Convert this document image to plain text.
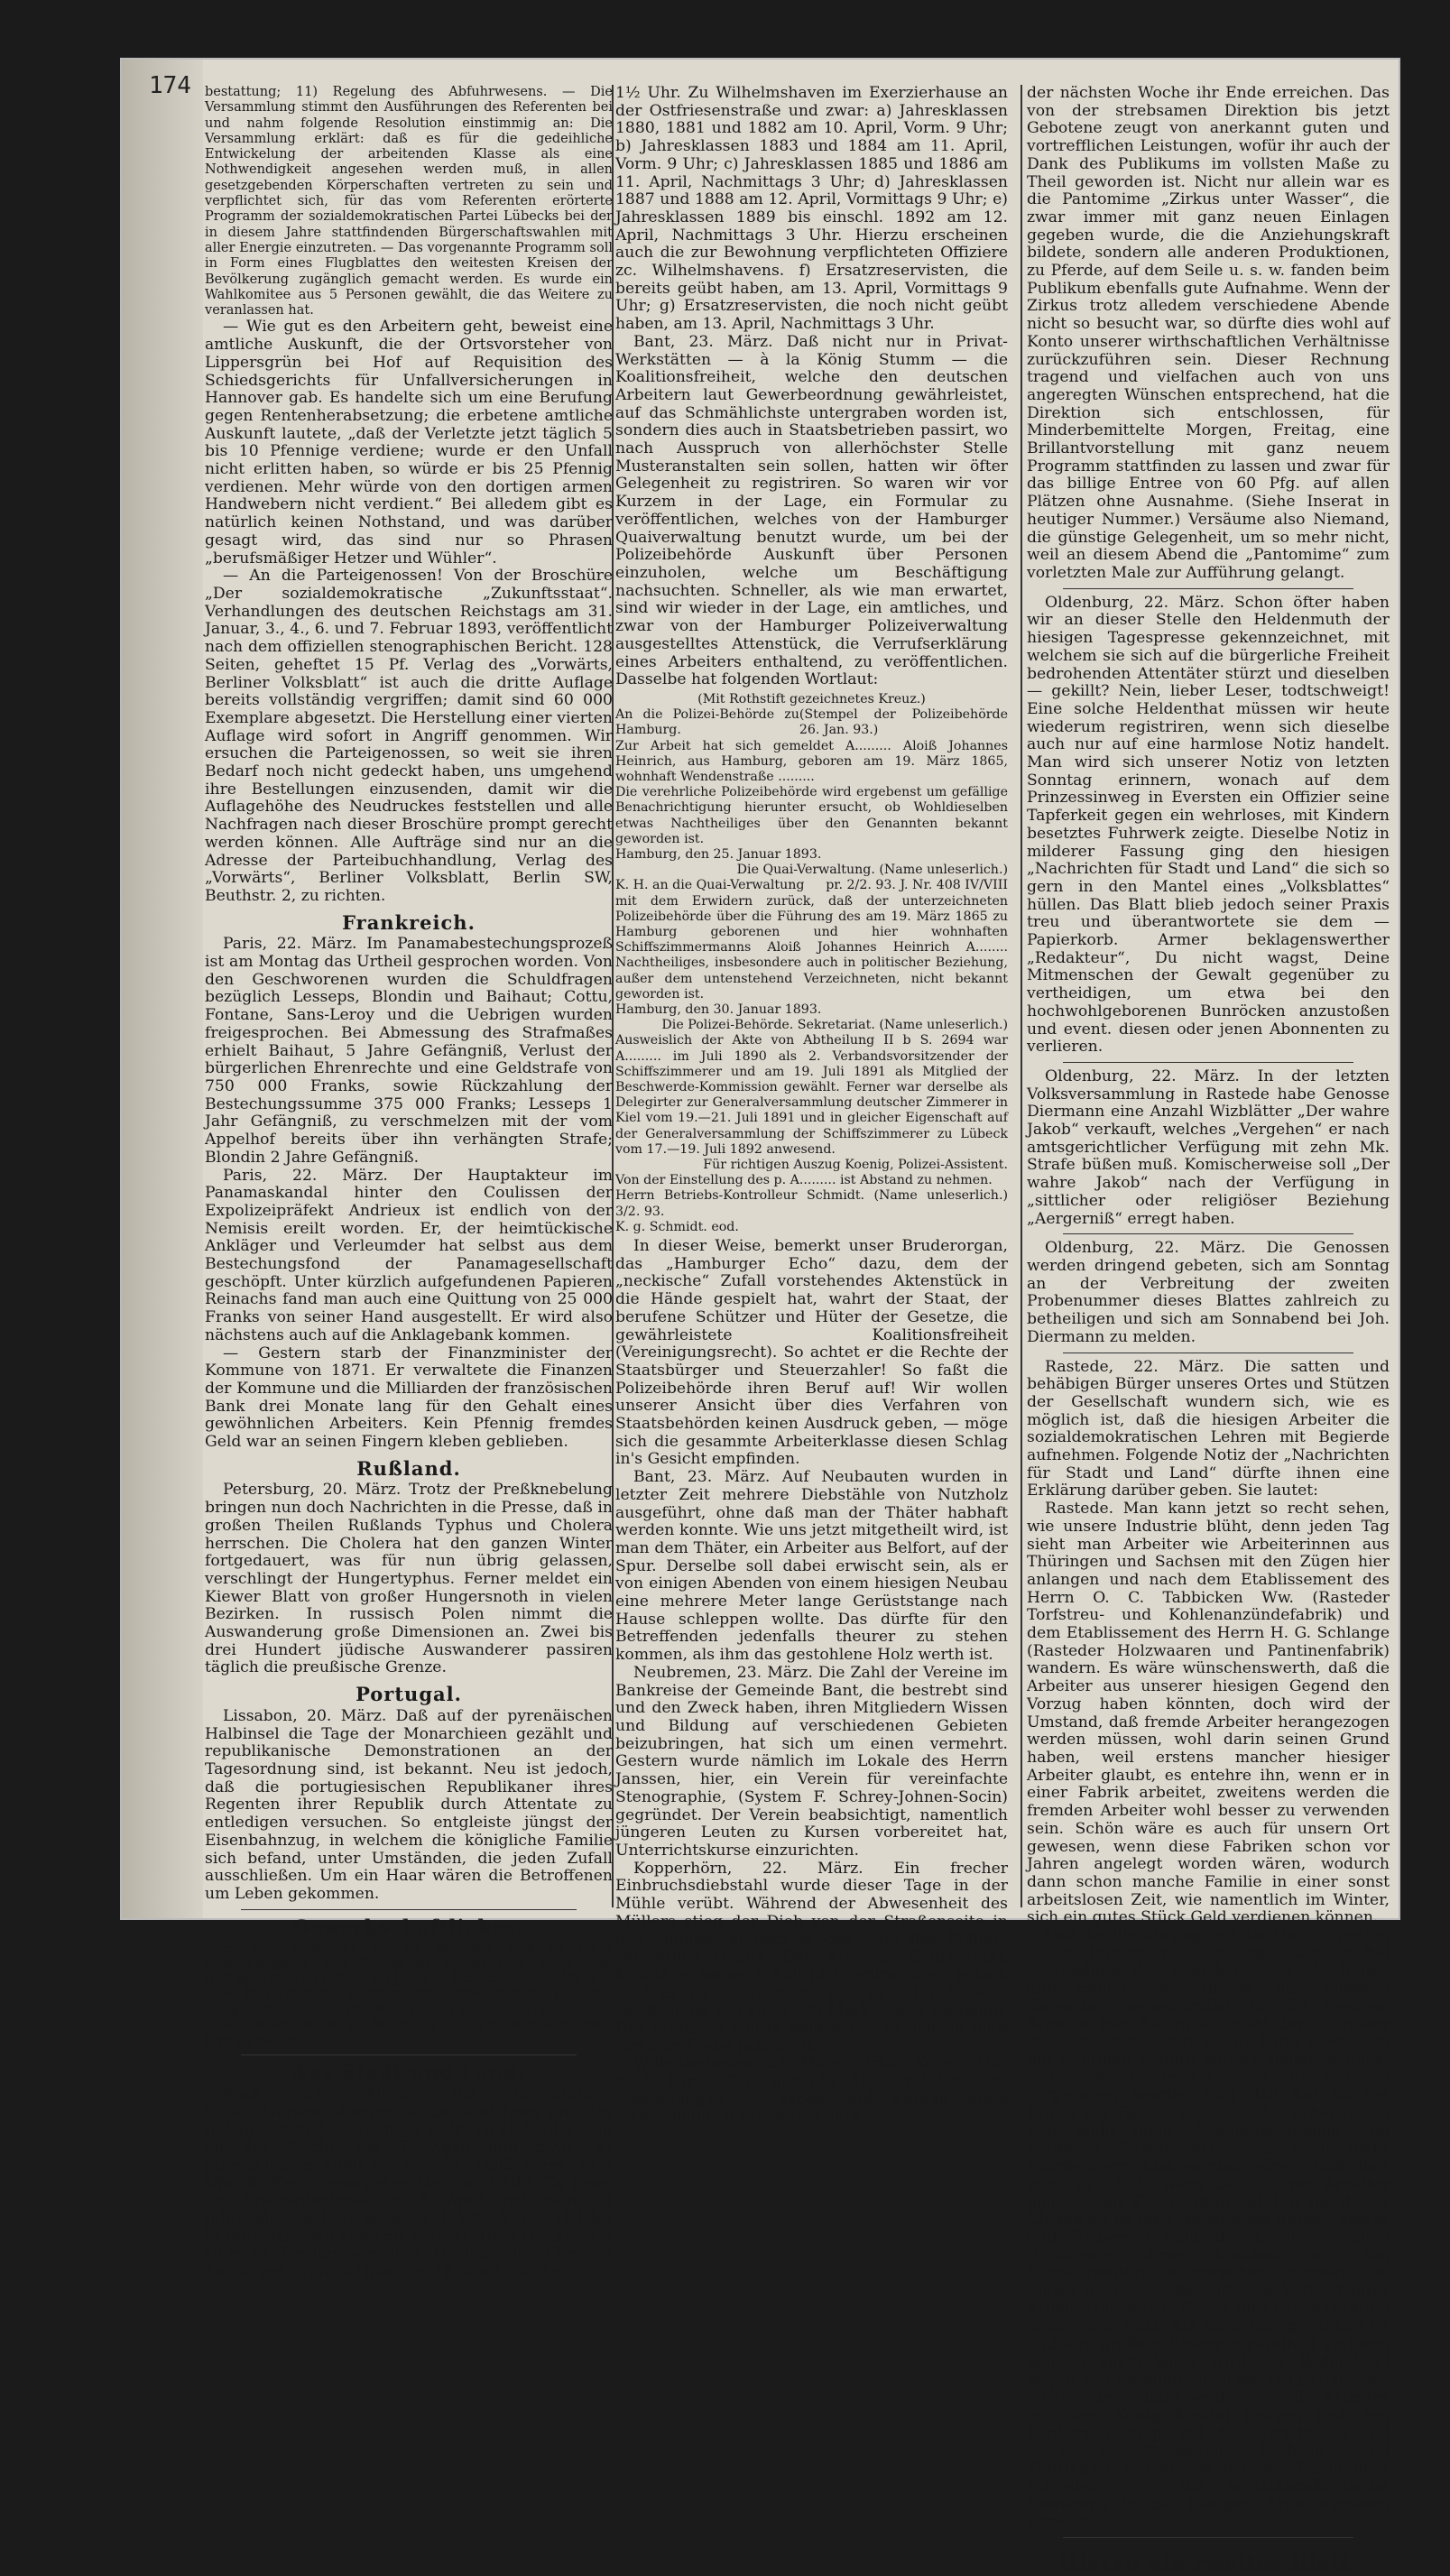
174 bestattung; 11) Regelung des Abfuhrwesens. — Die Versammlung stimmt den Ausführungen des Referenten bei und nahm folgende Resolution einstimmig an: Die Versammlung erklärt: daß es für die gedeihliche Entwickelung der arbeitenden Klasse als eine Nothwendigkeit angesehen werden muß, in allen gesetzgebenden Körperschaften vertreten zu sein und verpflichtet sich, für das vom Referenten erörterte Programm der sozialdemokratischen Partei Lübecks bei der in diesem Jahre stattfindenden Bürgerschaftswahlen mit aller Energie einzutreten. — Das vorgenannte Programm soll in Form eines Flugblattes den weitesten Kreisen der Bevölkerung zugänglich gemacht werden. Es wurde ein Wahlkomitee aus 5 Personen gewählt, die das Weitere zu veranlassen hat.

— Wie gut es den Arbeitern geht, beweist eine amtliche Auskunft, die der Ortsvorsteher von Lippersgrün bei Hof auf Requisition des Schiedsgerichts für Unfallversicherungen in Hannover gab. Es handelte sich um eine Berufung gegen Rentenherabsetzung; die erbetene amtliche Auskunft lautete, „daß der Verletzte jetzt täglich 5 bis 10 Pfennige verdiene; wurde er den Unfall nicht erlitten haben, so würde er bis 25 Pfennig verdienen. Mehr würde von den dortigen armen Handwebern nicht verdient.“ Bei alledem gibt es natürlich keinen Nothstand, und was darüber gesagt wird, das sind nur so Phrasen „berufsmäßiger Hetzer und Wühler“.

— An die Parteigenossen! Von der Broschüre „Der sozialdemokratische „Zukunftsstaat“. Verhandlungen des deutschen Reichstags am 31. Januar, 3., 4., 6. und 7. Februar 1893, veröffentlicht nach dem offiziellen stenographischen Bericht. 128 Seiten, geheftet 15 Pf. Verlag des „Vorwärts, Berliner Volksblatt“ ist auch die dritte Auflage bereits vollständig vergriffen; damit sind 60 000 Exemplare abgesetzt. Die Herstellung einer vierten Auflage wird sofort in Angriff genommen. Wir ersuchen die Parteigenossen, so weit sie ihren Bedarf noch nicht gedeckt haben, uns umgehend ihre Bestellungen einzusenden, damit wir die Auflagehöhe des Neudruckes feststellen und alle Nachfragen nach dieser Broschüre prompt gerecht werden können. Alle Aufträge sind nur an die Adresse der Parteibuchhandlung, Verlag des „Vorwärts“, Berliner Volksblatt, Berlin SW, Beuthstr. 2, zu richten.

Frankreich.

Paris, 22. März. Im Panamabestechungsprozeß ist am Montag das Urtheil gesprochen worden. Von den Geschworenen wurden die Schuldfragen bezüglich Lesseps, Blondin und Baihaut; Cottu, Fontane, Sans-Leroy und die Uebrigen wurden freigesprochen. Bei Abmessung des Strafmaßes erhielt Baihaut, 5 Jahre Gefängniß, Verlust der bürgerlichen Ehrenrechte und eine Geldstrafe von 750 000 Franks, sowie Rückzahlung der Bestechungssumme 375 000 Franks; Lesseps 1 Jahr Gefängniß, zu verschmelzen mit der vom Appelhof bereits über ihn verhängten Strafe; Blondin 2 Jahre Gefängniß.

Paris, 22. März. Der Hauptakteur im Panamaskandal hinter den Coulissen der Expolizeipräfekt Andrieux ist endlich von der Nemisis ereilt worden. Er, der heimtückische Ankläger und Verleumder hat selbst aus dem Bestechungsfond der Panamagesellschaft geschöpft. Unter kürzlich aufgefundenen Papieren Reinachs fand man auch eine Quittung von 25 000 Franks von seiner Hand ausgestellt. Er wird also nächstens auch auf die Anklagebank kommen.

— Gestern starb der Finanzminister der Kommune von 1871. Er verwaltete die Finanzen der Kommune und die Milliarden der französischen Bank drei Monate lang für den Gehalt eines gewöhnlichen Arbeiters. Kein Pfennig fremdes Geld war an seinen Fingern kleben geblieben.

Rußland.

Petersburg, 20. März. Trotz der Preßknebelung bringen nun doch Nachrichten in die Presse, daß in großen Theilen Rußlands Typhus und Cholera herrschen. Die Cholera hat den ganzen Winter fortgedauert, was für nun übrig gelassen, verschlingt der Hungertyphus. Ferner meldet ein Kiewer Blatt von großer Hungersnoth in vielen Bezirken. In russisch Polen nimmt die Auswanderung große Dimensionen an. Zwei bis drei Hundert jüdische Auswanderer passiren täglich die preußische Grenze.

Portugal.

Lissabon, 20. März. Daß auf der pyrenäischen Halbinsel die Tage der Monarchieen gezählt und republikanische Demonstrationen an der Tagesordnung sind, ist bekannt. Neu ist jedoch, daß die portugiesischen Republikaner ihres Regenten ihrer Republik durch Attentate zu entledigen versuchen. So entgleiste jüngst der Eisenbahnzug, in welchem die königliche Familie sich befand, unter Umständen, die jeden Zufall ausschließen. Um ein Haar wären die Betroffenen um Leben gekommen.

Gewerkschaftliches.

— Die Schneider Berlins befinden sich in einer Lohnbewegung. Der Zuzug ist streng fern zu halten. Anfragen sind zu richten an J. Timm, Schützenstraße 18/19.

— In Buxtehude, Delmenhorst, Grevesmühlen, Kiel und Stolp befinden sich die Maurer mit den Unternehmern in Lohndifferenzen und ist daher der Zuzug nach diesen Orten fern zu halten.

Aus Stadt und Land.

Bant, 23. März. Die diesjährigen Kontrollversammlungen für das Amt Jever und das Jadegebiet finden wie folgt statt: Zu Hohenkirchen an der Kirche am 7. April und zwar: a) Jahresklassen 1880 bis einschl. 1892 Vorm. 11¼ Uhr; b) Ersatzreservisten Nachm. 3 Uhr. Zu Jever am Kriegerdenkmal am 8. April und zwar: a) Jahresklassen 1886 bis einschl. 1892 Vorm. 11 Uhr; b) Jahresklassen 1880 bis einschl. 1885 Nachm. 1½ Uhr; c) Ersatzreservisten Nachm. 3½ Uhr. Zu Sande vor Griffel's Hotel am 10. April, Nachm.

1½ Uhr. Zu Wilhelmshaven im Exerzierhause an der Ostfriesenstraße und zwar: a) Jahresklassen 1880, 1881 und 1882 am 10. April, Vorm. 9 Uhr; b) Jahresklassen 1883 und 1884 am 11. April, Vorm. 9 Uhr; c) Jahresklassen 1885 und 1886 am 11. April, Nachmittags 3 Uhr; d) Jahresklassen 1887 und 1888 am 12. April, Vormittags 9 Uhr; e) Jahresklassen 1889 bis einschl. 1892 am 12. April, Nachmittags 3 Uhr. Hierzu erscheinen auch die zur Bewohnung verpflichteten Offiziere zc. Wilhelmshavens. f) Ersatzreservisten, die bereits geübt haben, am 13. April, Vormittags 9 Uhr; g) Ersatzreservisten, die noch nicht geübt haben, am 13. April, Nachmittags 3 Uhr.

Bant, 23. März. Daß nicht nur in Privat-Werkstätten — à la König Stumm — die Koalitionsfreiheit, welche den deutschen Arbeitern laut Gewerbeordnung gewährleistet, auf das Schmählichste untergraben worden ist, sondern dies auch in Staatsbetrieben passirt, wo nach Ausspruch von allerhöchster Stelle Musteranstalten sein sollen, hatten wir öfter Gelegenheit zu registriren. So waren wir vor Kurzem in der Lage, ein Formular zu veröffentlichen, welches von der Hamburger Quaiverwaltung benutzt wurde, um bei der Polizeibehörde Auskunft über Personen einzuholen, welche um Beschäftigung nachsuchten. Schneller, als wie man erwartet, sind wir wieder in der Lage, ein amtliches, und zwar von der Hamburger Polizeiverwaltung ausgestelltes Attenstück, die Verrufserklärung eines Arbeiters enthaltend, zu veröffentlichen. Dasselbe hat folgenden Wortlaut:

(Mit Rothstift gezeichnetes Kreuz.)
An die Polizei-Behörde zu Hamburg.
(Stempel der Polizeibehörde 26. Jan. 93.)
Zur Arbeit hat sich gemeldet A......... Aloiß Johannes Heinrich, aus Hamburg, geboren am 19. März 1865, wohnhaft Wendenstraße .........
Die verehrliche Polizeibehörde wird ergebenst um gefällige Benachrichtigung hierunter ersucht, ob Wohldieselben etwas Nachtheiliges über den Genannten bekannt geworden ist.
Hamburg, den 25. Januar 1893.
Die Quai-Verwaltung. (Name unleserlich.)
K. H. an die Quai-Verwaltung pr. 2/2. 93. J. Nr. 408 IV/VIII
mit dem Erwidern zurück, daß der unterzeichneten Polizeibehörde über die Führung des am 19. März 1865 zu Hamburg geborenen und hier wohnhaften Schiffszimmermanns Aloiß Johannes Heinrich A........ Nachtheiliges, insbesondere auch in politischer Beziehung, außer dem untenstehend Verzeichneten, nicht bekannt geworden ist.
Hamburg, den 30. Januar 1893.
Die Polizei-Behörde. Sekretariat. (Name unleserlich.)
Ausweislich der Akte von Abtheilung II b S. 2694 war A......... im Juli 1890 als 2. Verbandsvorsitzender der Schiffszimmerer und am 19. Juli 1891 als Mitglied der Beschwerde-Kommission gewählt. Ferner war derselbe als Delegirter zur Generalversammlung deutscher Zimmerer in Kiel vom 19.—21. Juli 1891 und in gleicher Eigenschaft auf der Generalversammlung der Schiffszimmerer zu Lübeck vom 17.—19. Juli 1892 anwesend.
Für richtigen Auszug Koenig, Polizei-Assistent.
Von der Einstellung des p. A......... ist Abstand zu nehmen.
Herrn Betriebs-Kontrolleur Schmidt. (Name unleserlich.) 3/2. 93.
K. g. Schmidt. eod.

In dieser Weise, bemerkt unser Bruderorgan, das „Hamburger Echo“ dazu, dem der „neckische“ Zufall vorstehendes Aktenstück in die Hände gespielt hat, wahrt der Staat, der berufene Schützer und Hüter der Gesetze, die gewährleistete Koalitionsfreiheit (Vereinigungsrecht). So achtet er die Rechte der Staatsbürger und Steuerzahler! So faßt die Polizeibehörde ihren Beruf auf! Wir wollen unserer Ansicht über dies Verfahren von Staatsbehörden keinen Ausdruck geben, — möge sich die gesammte Arbeiterklasse diesen Schlag in's Gesicht empfinden.

Bant, 23. März. Auf Neubauten wurden in letzter Zeit mehrere Diebstähle von Nutzholz ausgeführt, ohne daß man der Thäter habhaft werden konnte. Wie uns jetzt mitgetheilt wird, ist man dem Thäter, ein Arbeiter aus Belfort, auf der Spur. Derselbe soll dabei erwischt sein, als er von einigen Abenden von einem hiesigen Neubau eine mehrere Meter lange Gerüststange nach Hause schleppen wollte. Das dürfte für den Betreffenden jedenfalls theurer zu stehen kommen, als ihm das gestohlene Holz werth ist.

Neubremen, 23. März. Die Zahl der Vereine im Bankreise der Gemeinde Bant, die bestrebt sind und den Zweck haben, ihren Mitgliedern Wissen und Bildung auf verschiedenen Gebieten beizubringen, hat sich um einen vermehrt. Gestern wurde nämlich im Lokale des Herrn Janssen, hier, ein Verein für vereinfachte Stenographie, (System F. Schrey-Johnen-Socin) gegründet. Der Verein beabsichtigt, namentlich jüngeren Leuten zu Kursen vorbereitet hat, Unterrichtskurse einzurichten.

Kopperhörn, 22. März. Ein frecher Einbruchsdiebstahl wurde dieser Tage in der Mühle verübt. Während der Abwesenheit des Müllers stieg der Dieb von der Straßenseite in das Zimmer, in dem er das Geld des Müllers vermuthen konnte. Dem eisernen Geldschrank konnte er seinen Inhalt nicht entnehmen, jedoch fand er im Schreibtisch den er erbrach, eine Geldsumme von zirka 300 Mark, die er mitnahm. Der Einbruch wurde bald entdeckt, jedoch fehlt von dem Diebe jede Spur.

Wilhelmshaven, 23. März. Zirkus Kolzer. Nur noch kurze Zeit gedenkt die Direktion ihre Vorstellungen zu geben und werden diese wahrscheinlich schon im Laufe

der nächsten Woche ihr Ende erreichen. Das von der strebsamen Direktion bis jetzt Gebotene zeugt von anerkannt guten und vortrefflichen Leistungen, wofür ihr auch der Dank des Publikums im vollsten Maße zu Theil geworden ist. Nicht nur allein war es die Pantomime „Zirkus unter Wasser“, die zwar immer mit ganz neuen Einlagen gegeben wurde, die die Anziehungskraft bildete, sondern alle anderen Produktionen, zu Pferde, auf dem Seile u. s. w. fanden beim Publikum ebenfalls gute Aufnahme. Wenn der Zirkus trotz alledem verschiedene Abende nicht so besucht war, so dürfte dies wohl auf Konto unserer wirthschaftlichen Verhältnisse zurückzuführen sein. Dieser Rechnung tragend und vielfachen auch von uns angeregten Wünschen entsprechend, hat die Direktion sich entschlossen, für Minderbemittelte Morgen, Freitag, eine Brillantvorstellung mit ganz neuem Programm stattfinden zu lassen und zwar für das billige Entree von 60 Pfg. auf allen Plätzen ohne Ausnahme. (Siehe Inserat in heutiger Nummer.) Versäume also Niemand, die günstige Gelegenheit, um so mehr nicht, weil an diesem Abend die „Pantomime“ zum vorletzten Male zur Aufführung gelangt.

Oldenburg, 22. März. Schon öfter haben wir an dieser Stelle den Heldenmuth der hiesigen Tagespresse gekennzeichnet, mit welchem sie sich auf die bürgerliche Freiheit bedrohenden Attentäter stürzt und dieselben — gekillt? Nein, lieber Leser, todtschweigt! Eine solche Heldenthat müssen wir heute wiederum registriren, wenn sich dieselbe auch nur auf eine harmlose Notiz handelt. Man wird sich unserer Notiz von letzten Sonntag erinnern, wonach auf dem Prinzessinweg in Eversten ein Offizier seine Tapferkeit gegen ein wehrloses, mit Kindern besetztes Fuhrwerk zeigte. Dieselbe Notiz in milderer Fassung ging den hiesigen „Nachrichten für Stadt und Land“ die sich so gern in den Mantel eines „Volksblattes“ hüllen. Das Blatt blieb jedoch seiner Praxis treu und überantwortete sie dem — Papierkorb. Armer beklagenswerther „Redakteur“, Du nicht wagst, Deine Mitmenschen der Gewalt gegenüber zu vertheidigen, um etwa bei den hochwohlgeborenen Bunröcken anzustoßen und event. diesen oder jenen Abonnenten zu verlieren.

Oldenburg, 22. März. In der letzten Volksversammlung in Rastede habe Genosse Diermann eine Anzahl Wizblätter „Der wahre Jakob“ verkauft, welches „Vergehen“ er nach amtsgerichtlicher Verfügung mit zehn Mk. Strafe büßen muß. Komischerweise soll „Der wahre Jakob“ nach der Verfügung in „sittlicher oder religiöser Beziehung „Aergerniß“ erregt haben.

Oldenburg, 22. März. Die Genossen werden dringend gebeten, sich am Sonntag an der Verbreitung der zweiten Probenummer dieses Blattes zahlreich zu betheiligen und sich am Sonnabend bei Joh. Diermann zu melden.

Rastede, 22. März. Die satten und behäbigen Bürger unseres Ortes und Stützen der Gesellschaft wundern sich, wie es möglich ist, daß die hiesigen Arbeiter die sozialdemokratischen Lehren mit Begierde aufnehmen. Folgende Notiz der „Nachrichten für Stadt und Land“ dürfte ihnen eine Erklärung darüber geben. Sie lautet:

Rastede. Man kann jetzt so recht sehen, wie unsere Industrie blüht, denn jeden Tag sieht man Arbeiter wie Arbeiterinnen aus Thüringen und Sachsen mit den Zügen hier anlangen und nach dem Etablissement des Herrn O. C. Tabbicken Ww. (Rasteder Torfstreu- und Kohlenanzündefabrik) und dem Etablissement des Herrn H. G. Schlange (Rasteder Holzwaaren und Pantinenfabrik) wandern. Es wäre wünschenswerth, daß die Arbeiter aus unserer hiesigen Gegend den Vorzug haben könnten, doch wird der Umstand, daß fremde Arbeiter herangezogen werden müssen, wohl darin seinen Grund haben, weil erstens mancher hiesiger Arbeiter glaubt, es entehre ihn, wenn er in einer Fabrik arbeitet, zweitens werden die fremden Arbeiter wohl besser zu verwenden sein. Schön wäre es auch für unsern Ort gewesen, wenn diese Fabriken schon vor Jahren angelegt worden wären, wodurch dann schon manche Familie in einer sonst arbeitslosen Zeit, wie namentlich im Winter, sich ein gutes Stück Geld verdienen können.

Daß die Einführung und das Umsichgreifen dieser Industrien in hiesiger Gegend bei Anwendung des Grundsatzes, recht billige und genügsame Arbeiter aus anderen Gegenden herbeizurufen, für die hiesigen Arbeiter kein Segen ist, giebt der Schreiber der Notiz nun selbst zu. Er hätte aber auch die richtigen Schluß daraus ziehen können, warum den hiesigen Arbeitern die fremden vorgezogen werden und daß bei solcher Praxis die Familienväter in der arbeitslosen Zeit nicht mehr Arbeitsgelegenheit und Verdienst finden, als wenn noch mehr Fabriken errichtet worden wären. Daß aber ganz so falsch, wenn die hiesigen Arbeiter glauben, die Fabrikarbeit entehre sie; dieser Glaube ist es thun, so sind die guten Spießer und Bauern Schuld daran, die in allen Variationen ihren Abscheu vor den Fabrikarbeitern aussprechen, sondern sie fühlen instinktiv, daß mit dem Verkauf ihrer Arbeitskraft an die Fabrik ihre Lebenshaltung noch mehr sinkt, als sie schon gesunken ist und ihre größere Bewegungsfreiheit verloren geht. Freilich lange wird der Widerstand gegen den hereinbrechenden Industrialismus nicht dauern, dann werden auch die Arbeiter vor dem König Kapital beugen und den Konkurrenzkampf mit den gerichteten und noch enthaltsameren Sachsen und Thüringern aufnehmen müssen. Damit aber schreitet auch die sozialdemokratische Bewegung in die hiesigen Arbeiterkreisen vorwärts.

Hierzu ein zweites Blatt.
